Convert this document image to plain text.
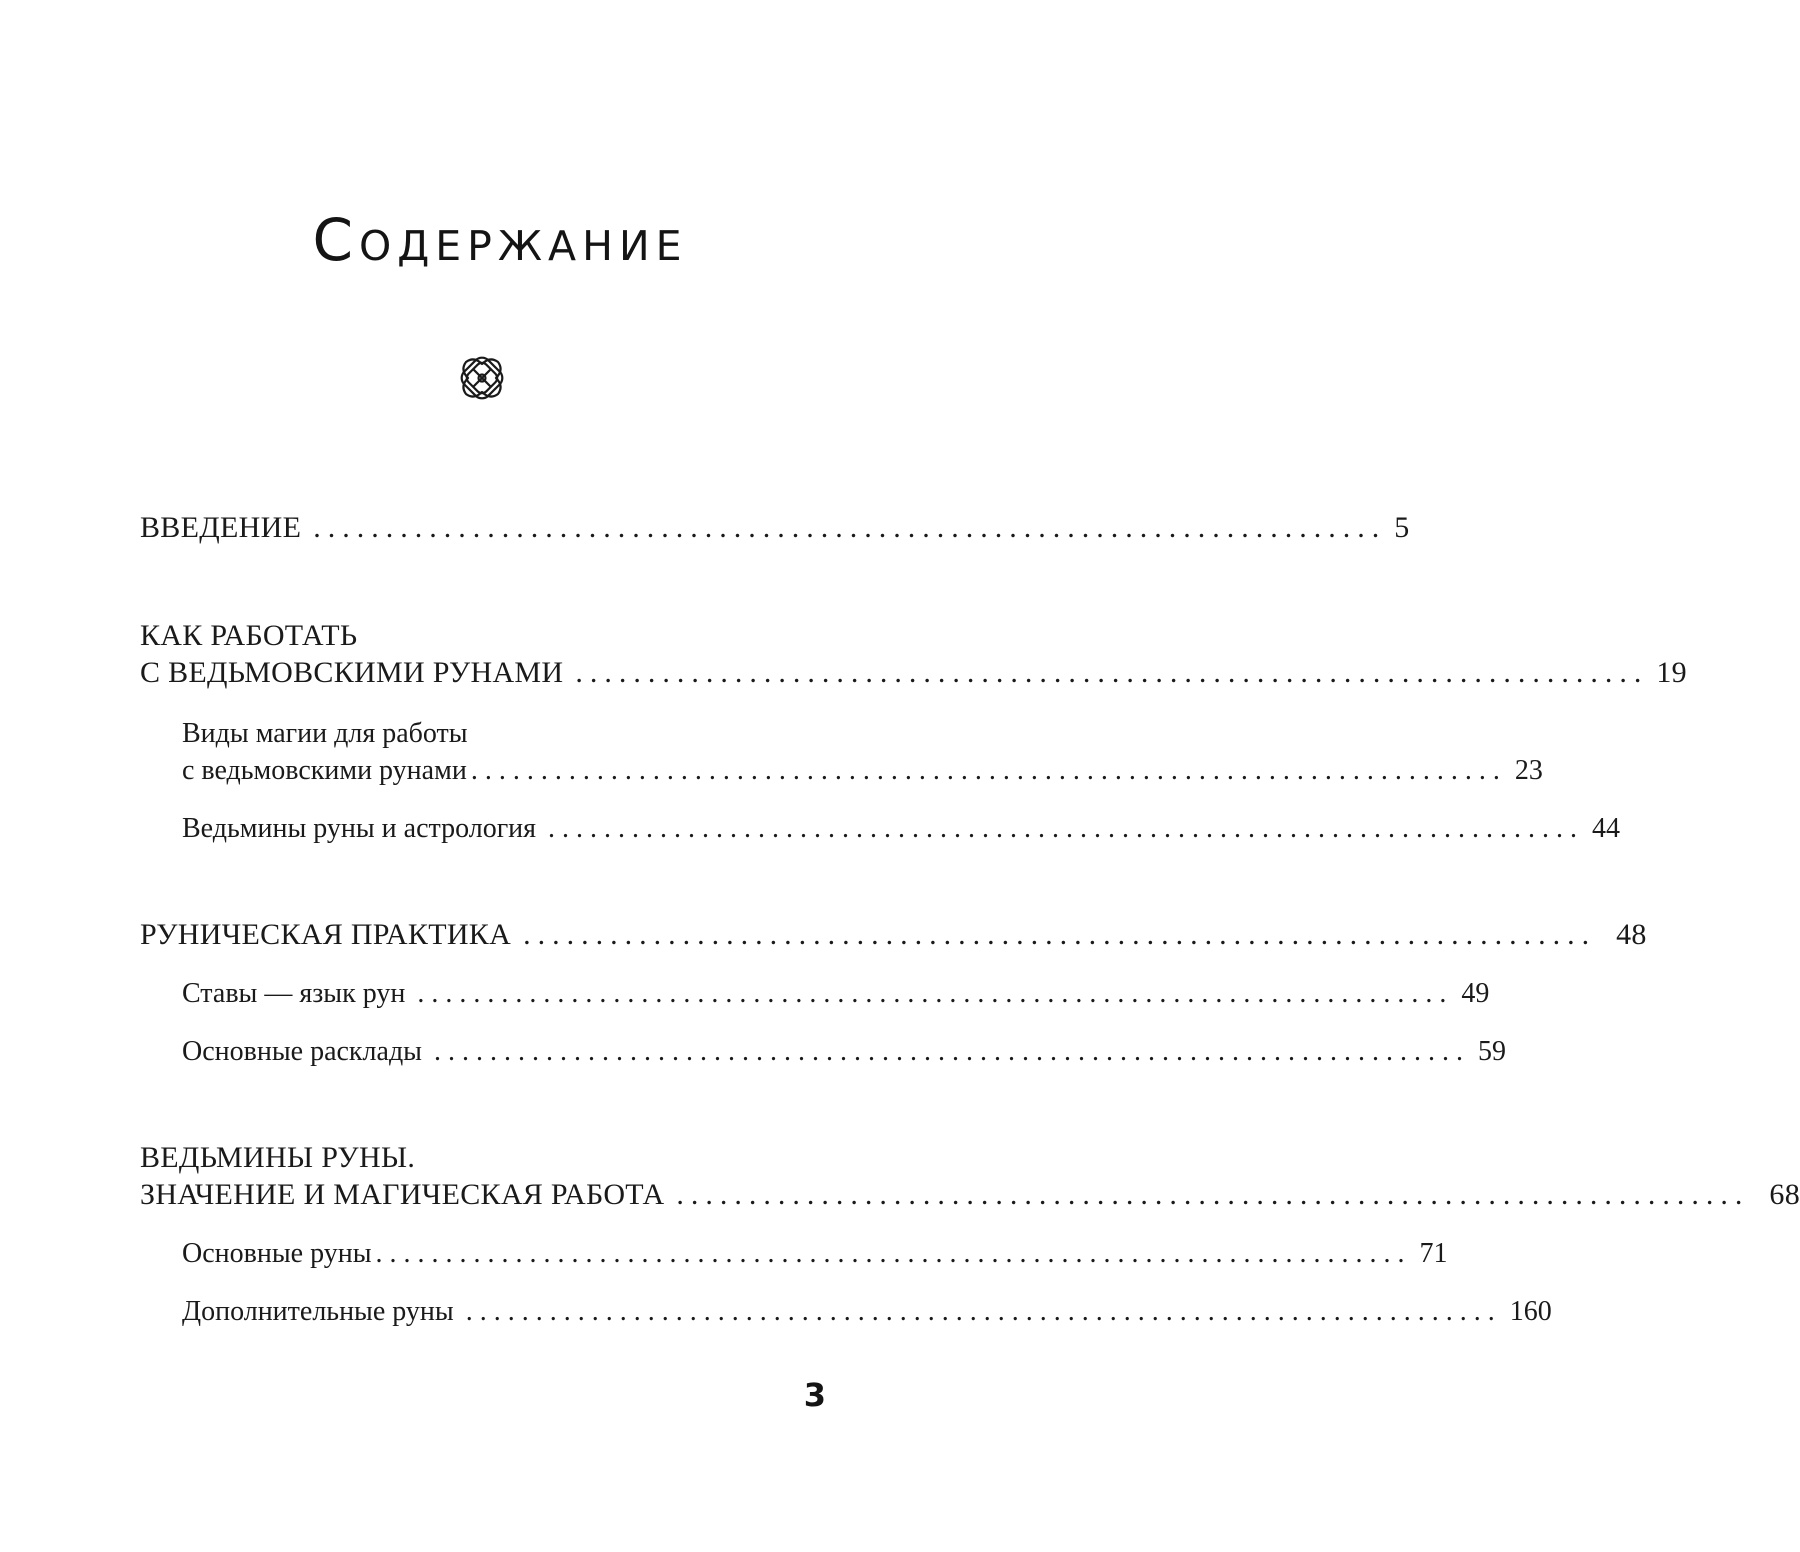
Содержание
ВВЕДЕНИЕ .......................................................................... 5
КАК РАБОТАТЬ
С ВЕДЬМОВСКИМИ РУНАМИ .......................................................................... 19
Виды магии для работы
с ведьмовскими рунами .......................................................................... 23
Ведьмины руны и астрология .......................................................................... 44
РУНИЧЕСКАЯ ПРАКТИКА .......................................................................... 48
Ставы — язык рун .......................................................................... 49
Основные расклады .......................................................................... 59
ВЕДЬМИНЫ РУНЫ.
ЗНАЧЕНИЕ И МАГИЧЕСКАЯ РАБОТА .......................................................................... 68
Основные руны .......................................................................... 71
Дополнительные руны .......................................................................... 160
3
